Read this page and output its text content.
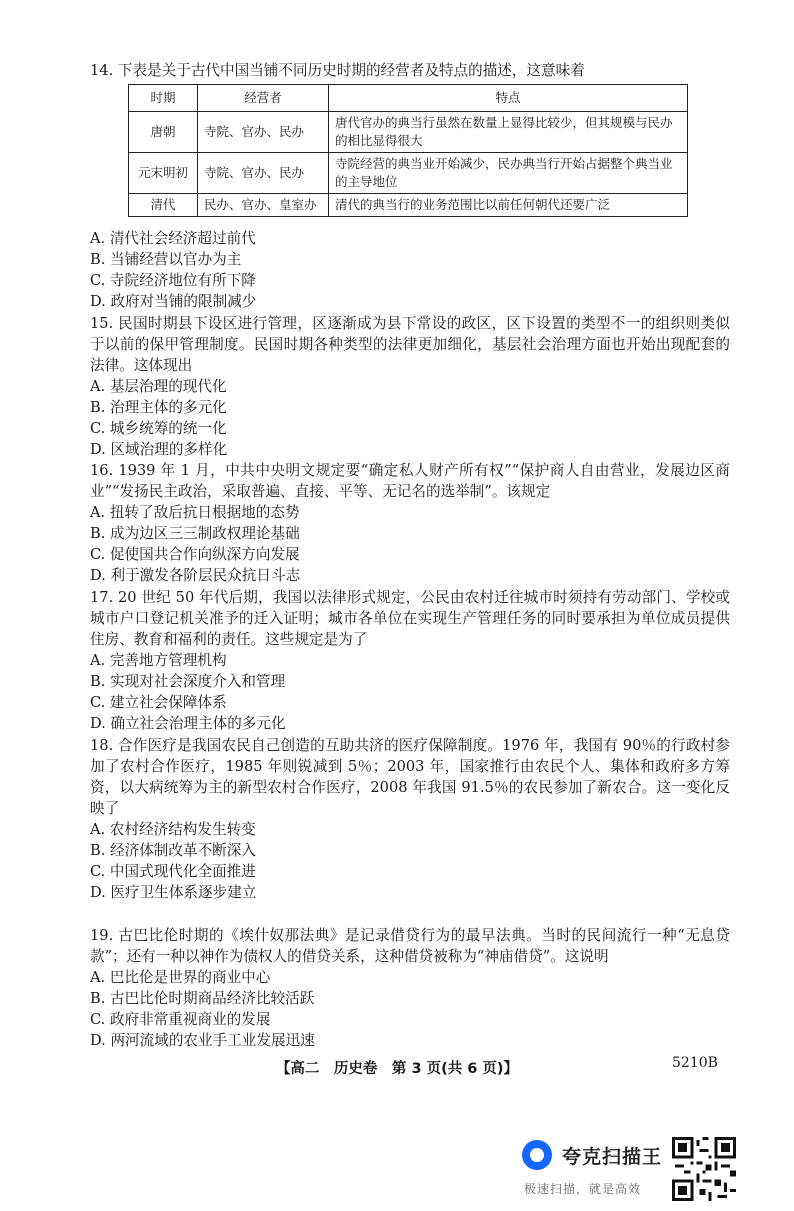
14. 下表是关于古代中国当铺不同历史时期的经营者及特点的描述，这意味着

时期	经营者	特点
唐朝	寺院、官办、民办	唐代官办的典当行虽然在数量上显得比较少，但其规模与民办的相比显得很大
元末明初	寺院、官办、民办	寺院经营的典当业开始减少，民办典当行开始占据整个典当业的主导地位
清代	民办、官办、皇室办	清代的典当行的业务范围比以前任何朝代还要广泛

A. 清代社会经济超过前代

B. 当铺经营以官办为主

C. 寺院经济地位有所下降

D. 政府对当铺的限制减少

15. 民国时期县下设区进行管理，区逐渐成为县下常设的政区，区下设置的类型不一的组织则类似于以前的保甲管理制度。民国时期各种类型的法律更加细化，基层社会治理方面也开始出现配套的法律。这体现出

A. 基层治理的现代化

B. 治理主体的多元化

C. 城乡统筹的统一化

D. 区域治理的多样化

16. 1939 年 1 月，中共中央明文规定要“确定私人财产所有权”“保护商人自由营业，发展边区商业”“发扬民主政治，采取普遍、直接、平等、无记名的选举制”。该规定

A. 扭转了敌后抗日根据地的态势

B. 成为边区三三制政权理论基础

C. 促使国共合作向纵深方向发展

D. 利于激发各阶层民众抗日斗志

17. 20 世纪 50 年代后期，我国以法律形式规定，公民由农村迁往城市时须持有劳动部门、学校或城市户口登记机关准予的迁入证明；城市各单位在实现生产管理任务的同时要承担为单位成员提供住房、教育和福利的责任。这些规定是为了

A. 完善地方管理机构

B. 实现对社会深度介入和管理

C. 建立社会保障体系

D. 确立社会治理主体的多元化

18. 合作医疗是我国农民自己创造的互助共济的医疗保障制度。1976 年，我国有 90％的行政村参加了农村合作医疗，1985 年则锐减到 5％；2003 年，国家推行由农民个人、集体和政府多方筹资，以大病统筹为主的新型农村合作医疗，2008 年我国 91.5％的农民参加了新农合。这一变化反映了

A. 农村经济结构发生转变

B. 经济体制改革不断深入

C. 中国式现代化全面推进

D. 医疗卫生体系逐步建立

19. 古巴比伦时期的《埃什奴那法典》是记录借贷行为的最早法典。当时的民间流行一种“无息贷款”；还有一种以神作为债权人的借贷关系，这种借贷被称为“神庙借贷”。这说明

A. 巴比伦是世界的商业中心

B. 古巴比伦时期商品经济比较活跃

C. 政府非常重视商业的发展

D. 两河流域的农业手工业发展迅速

【高二　历史卷　第 3 页(共 6 页)】	5210B
夸克扫描王
极速扫描，就是高效
